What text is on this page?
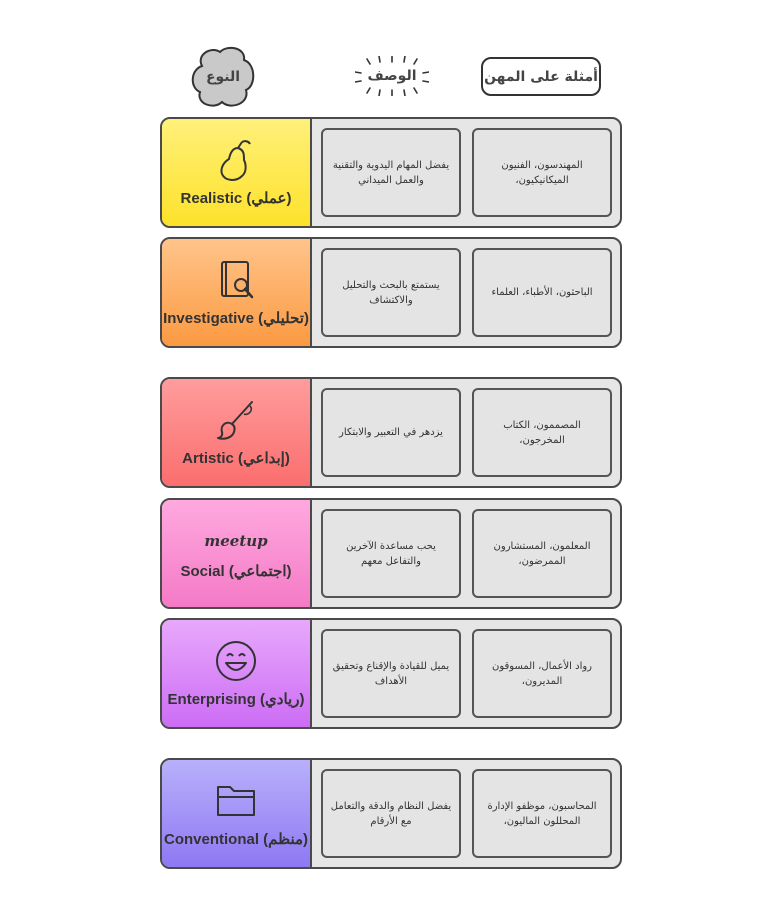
النوع	الوصف	أمثلة على المهن
Realistic (عملي)
يفضل المهام اليدوية والتقنية والعمل الميداني
المهندسون، الفنيون الميكانيكيون،
Investigative (تحليلي)
يستمتع بالبحث والتحليل والاكتشاف
الباحثون، الأطباء، العلماء
Artistic (إبداعي)
يزدهر في التعبير والابتكار
المصممون، الكتاب المخرجون،
meetup
Social (اجتماعي)
يحب مساعدة الآخرين والتفاعل معهم
المعلمون، المستشارون الممرضون،
Enterprising (ريادي)
يميل للقيادة والإقناع وتحقيق الأهداف
رواد الأعمال، المسوقون المديرون،
Conventional (منظم)
يفضل النظام والدقة والتعامل مع الأرقام
المحاسبون، موظفو الإدارة المحللون الماليون،
